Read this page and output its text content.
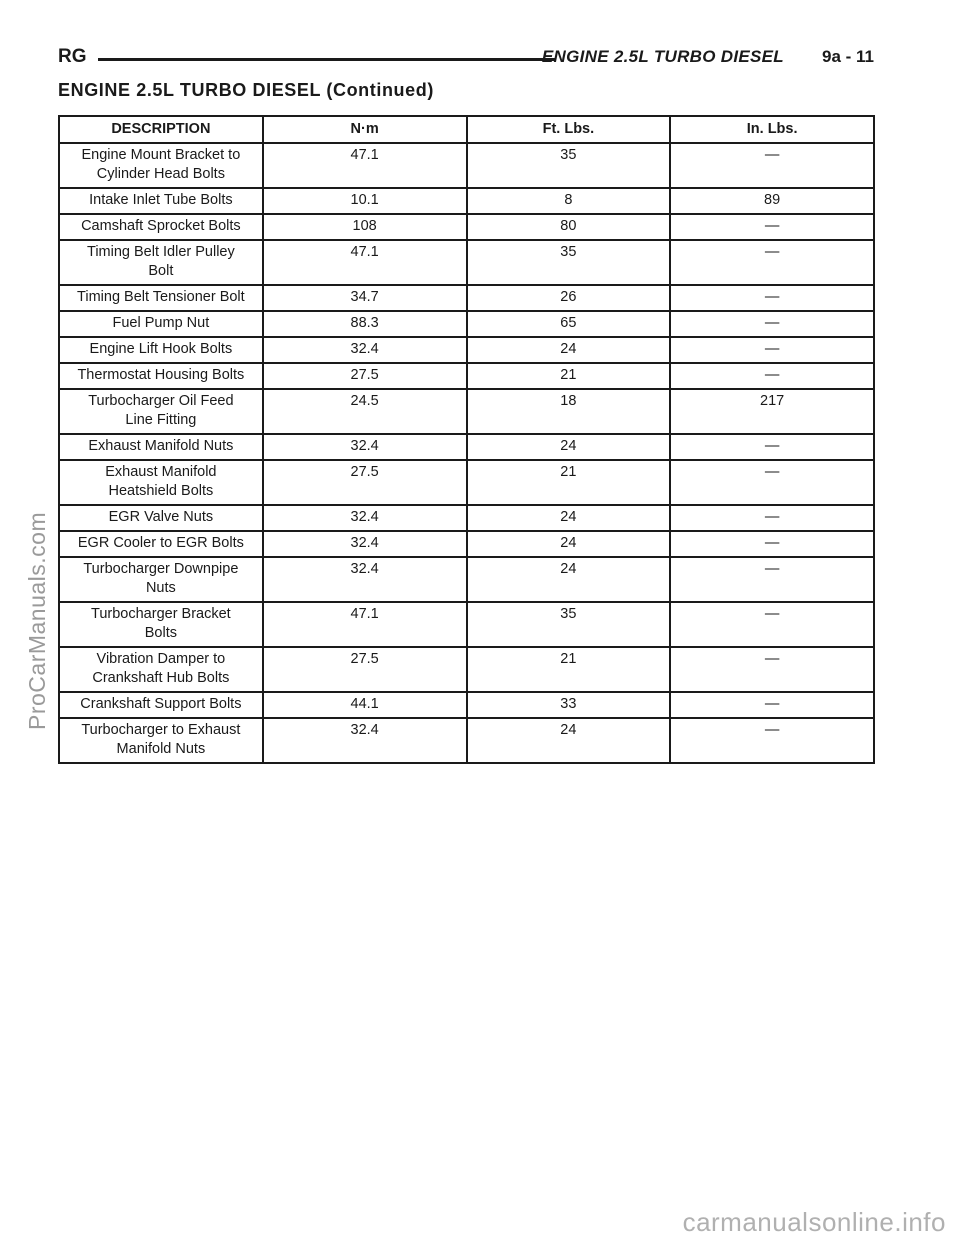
RG	ENGINE 2.5L TURBO DIESEL 9a - 11
ENGINE 2.5L TURBO DIESEL (Continued)
DESCRIPTION	N·m	Ft. Lbs.	In. Lbs.
Engine Mount Bracket to
Cylinder Head Bolts	47.1	35	—
Intake Inlet Tube Bolts	10.1	8	89
Camshaft Sprocket Bolts	108	80	—
Timing Belt Idler Pulley
Bolt	47.1	35	—
Timing Belt Tensioner Bolt	34.7	26	—
Fuel Pump Nut	88.3	65	—
Engine Lift Hook Bolts	32.4	24	—
Thermostat Housing Bolts	27.5	21	—
Turbocharger Oil Feed
Line Fitting	24.5	18	217
Exhaust Manifold Nuts	32.4	24	—
Exhaust Manifold
Heatshield Bolts	27.5	21	—
EGR Valve Nuts	32.4	24	—
EGR Cooler to EGR Bolts	32.4	24	—
Turbocharger Downpipe
Nuts	32.4	24	—
Turbocharger Bracket
Bolts	47.1	35	—
Vibration Damper to
Crankshaft Hub Bolts	27.5	21	—
Crankshaft Support Bolts	44.1	33	—
Turbocharger to Exhaust
Manifold Nuts	32.4	24	—
ProCarManuals.com
carmanualsonline.info
